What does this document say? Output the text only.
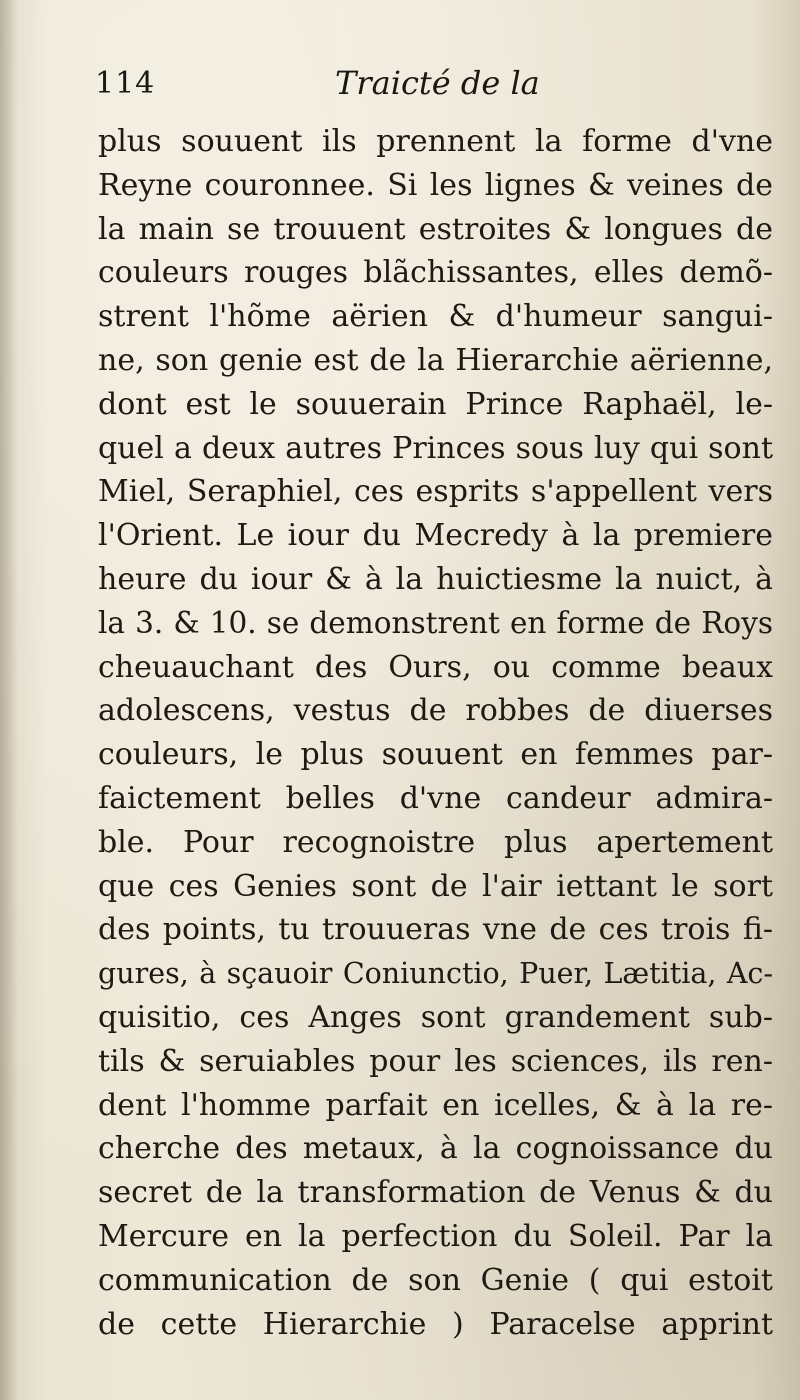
114	Traicté de la
plus souuent ils prennent la forme d'vne
Reyne couronnee. Si les lignes & veines de
la main se trouuent estroites & longues de
couleurs rouges blãchissantes, elles demõ-
strent l'hõme aërien & d'humeur sangui-
ne, son genie est de la Hierarchie aërienne,
dont est le souuerain Prince Raphaël, le-
quel a deux autres Princes sous luy qui sont
Miel, Seraphiel, ces esprits s'appellent vers
l'Orient. Le iour du Mecredy à la premiere
heure du iour & à la huictiesme la nuict, à
la 3. & 10. se demonstrent en forme de Roys
cheuauchant des Ours, ou comme beaux
adolescens, vestus de robbes de diuerses
couleurs, le plus souuent en femmes par-
faictement belles d'vne candeur admira-
ble. Pour recognoistre plus apertement
que ces Genies sont de l'air iettant le sort
des points, tu trouueras vne de ces trois fi-
gures, à sçauoir Coniunctio, Puer, Lætitia, Ac-
quisitio, ces Anges sont grandement sub-
tils & seruiables pour les sciences, ils ren-
dent l'homme parfait en icelles, & à la re-
cherche des metaux, à la cognoissance du
secret de la transformation de Venus & du
Mercure en la perfection du Soleil. Par la
communication de son Genie ( qui estoit
de cette Hierarchie ) Paracelse apprint
